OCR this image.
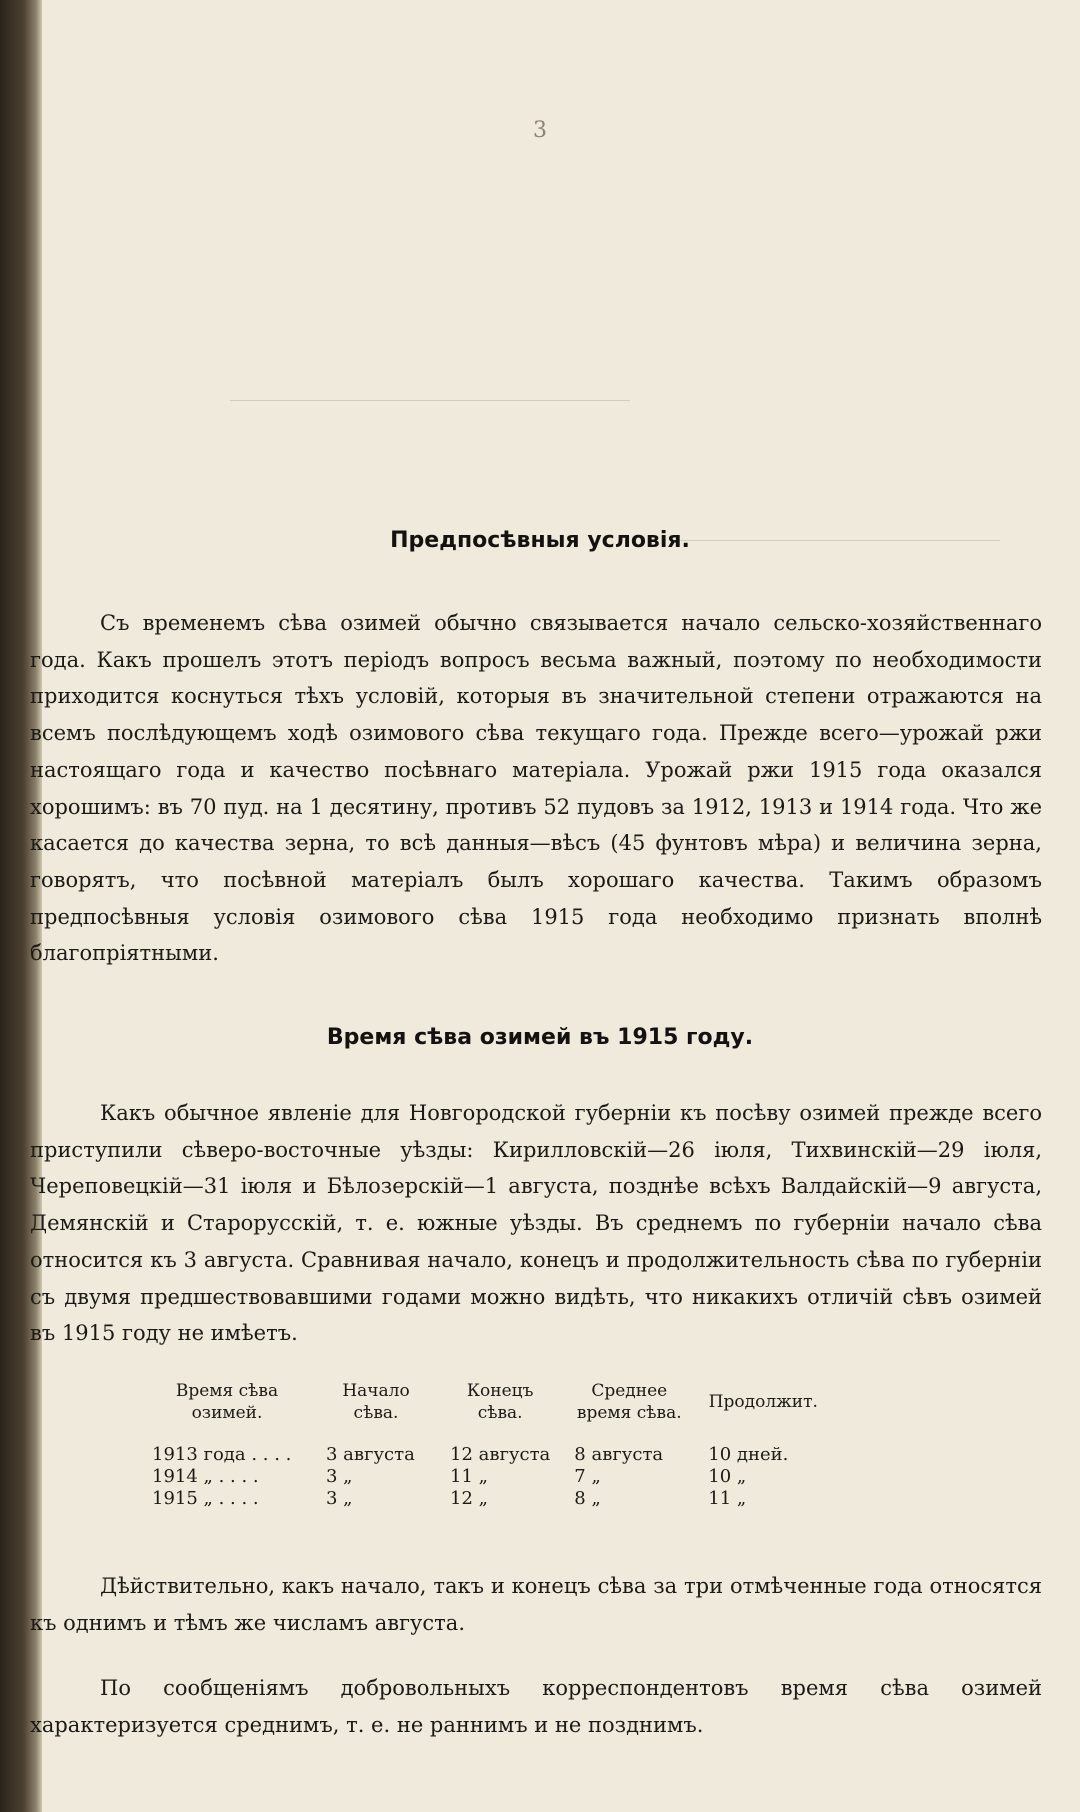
3
Предпосѣвныя условія.

Съ временемъ сѣва озимей обычно связывается начало сельско-хозяйственнаго года. Какъ прошелъ этотъ періодъ вопросъ весьма важный, поэтому по необходимости приходится коснуться тѣхъ условій, которыя въ значительной степени отражаются на всемъ послѣдующемъ ходѣ озимового сѣва текущаго года. Прежде всего—урожай ржи настоящаго года и качество посѣвнаго матеріала. Урожай ржи 1915 года оказался хорошимъ: въ 70 пуд. на 1 десятину, противъ 52 пудовъ за 1912, 1913 и 1914 года. Что же касается до качества зерна, то всѣ данныя—вѣсъ (45 фунтовъ мѣра) и величина зерна, говорятъ, что посѣвной матеріалъ былъ хорошаго качества. Такимъ образомъ предпосѣвныя условія озимового сѣва 1915 года необходимо признать вполнѣ благопріятными.

Время сѣва озимей въ 1915 году.

Какъ обычное явленіе для Новгородской губерніи къ посѣву озимей прежде всего приступили сѣверо-восточные уѣзды: Кирилловскій—26 іюля, Тихвинскій—29 іюля, Череповецкій—31 іюля и Бѣлозерскій—1 августа, позднѣе всѣхъ Валдайскій—9 августа, Демянскій и Старорусскій, т. е. южные уѣзды. Въ среднемъ по губерніи начало сѣва относится къ 3 августа. Сравнивая начало, конецъ и продолжительность сѣва по губерніи съ двумя предшествовавшими годами можно видѣть, что никакихъ отличій сѣвъ озимей въ 1915 году не имѣетъ.

Время сѣва озимей.	Начало сѣва.	Конецъ сѣва.	Среднее время сѣва.	Продолжит.
1913 года . . . .	3 августа	12 августа	8 августа	10 дней.
1914 „ . . . .	3 „	11 „	7 „	10 „
1915 „ . . . .	3 „	12 „	8 „	11 „

Дѣйствительно, какъ начало, такъ и конецъ сѣва за три отмѣченные года относятся къ однимъ и тѣмъ же числамъ августа.

По сообщеніямъ добровольныхъ корреспондентовъ время сѣва озимей характеризуется среднимъ, т. е. не раннимъ и не позднимъ.
